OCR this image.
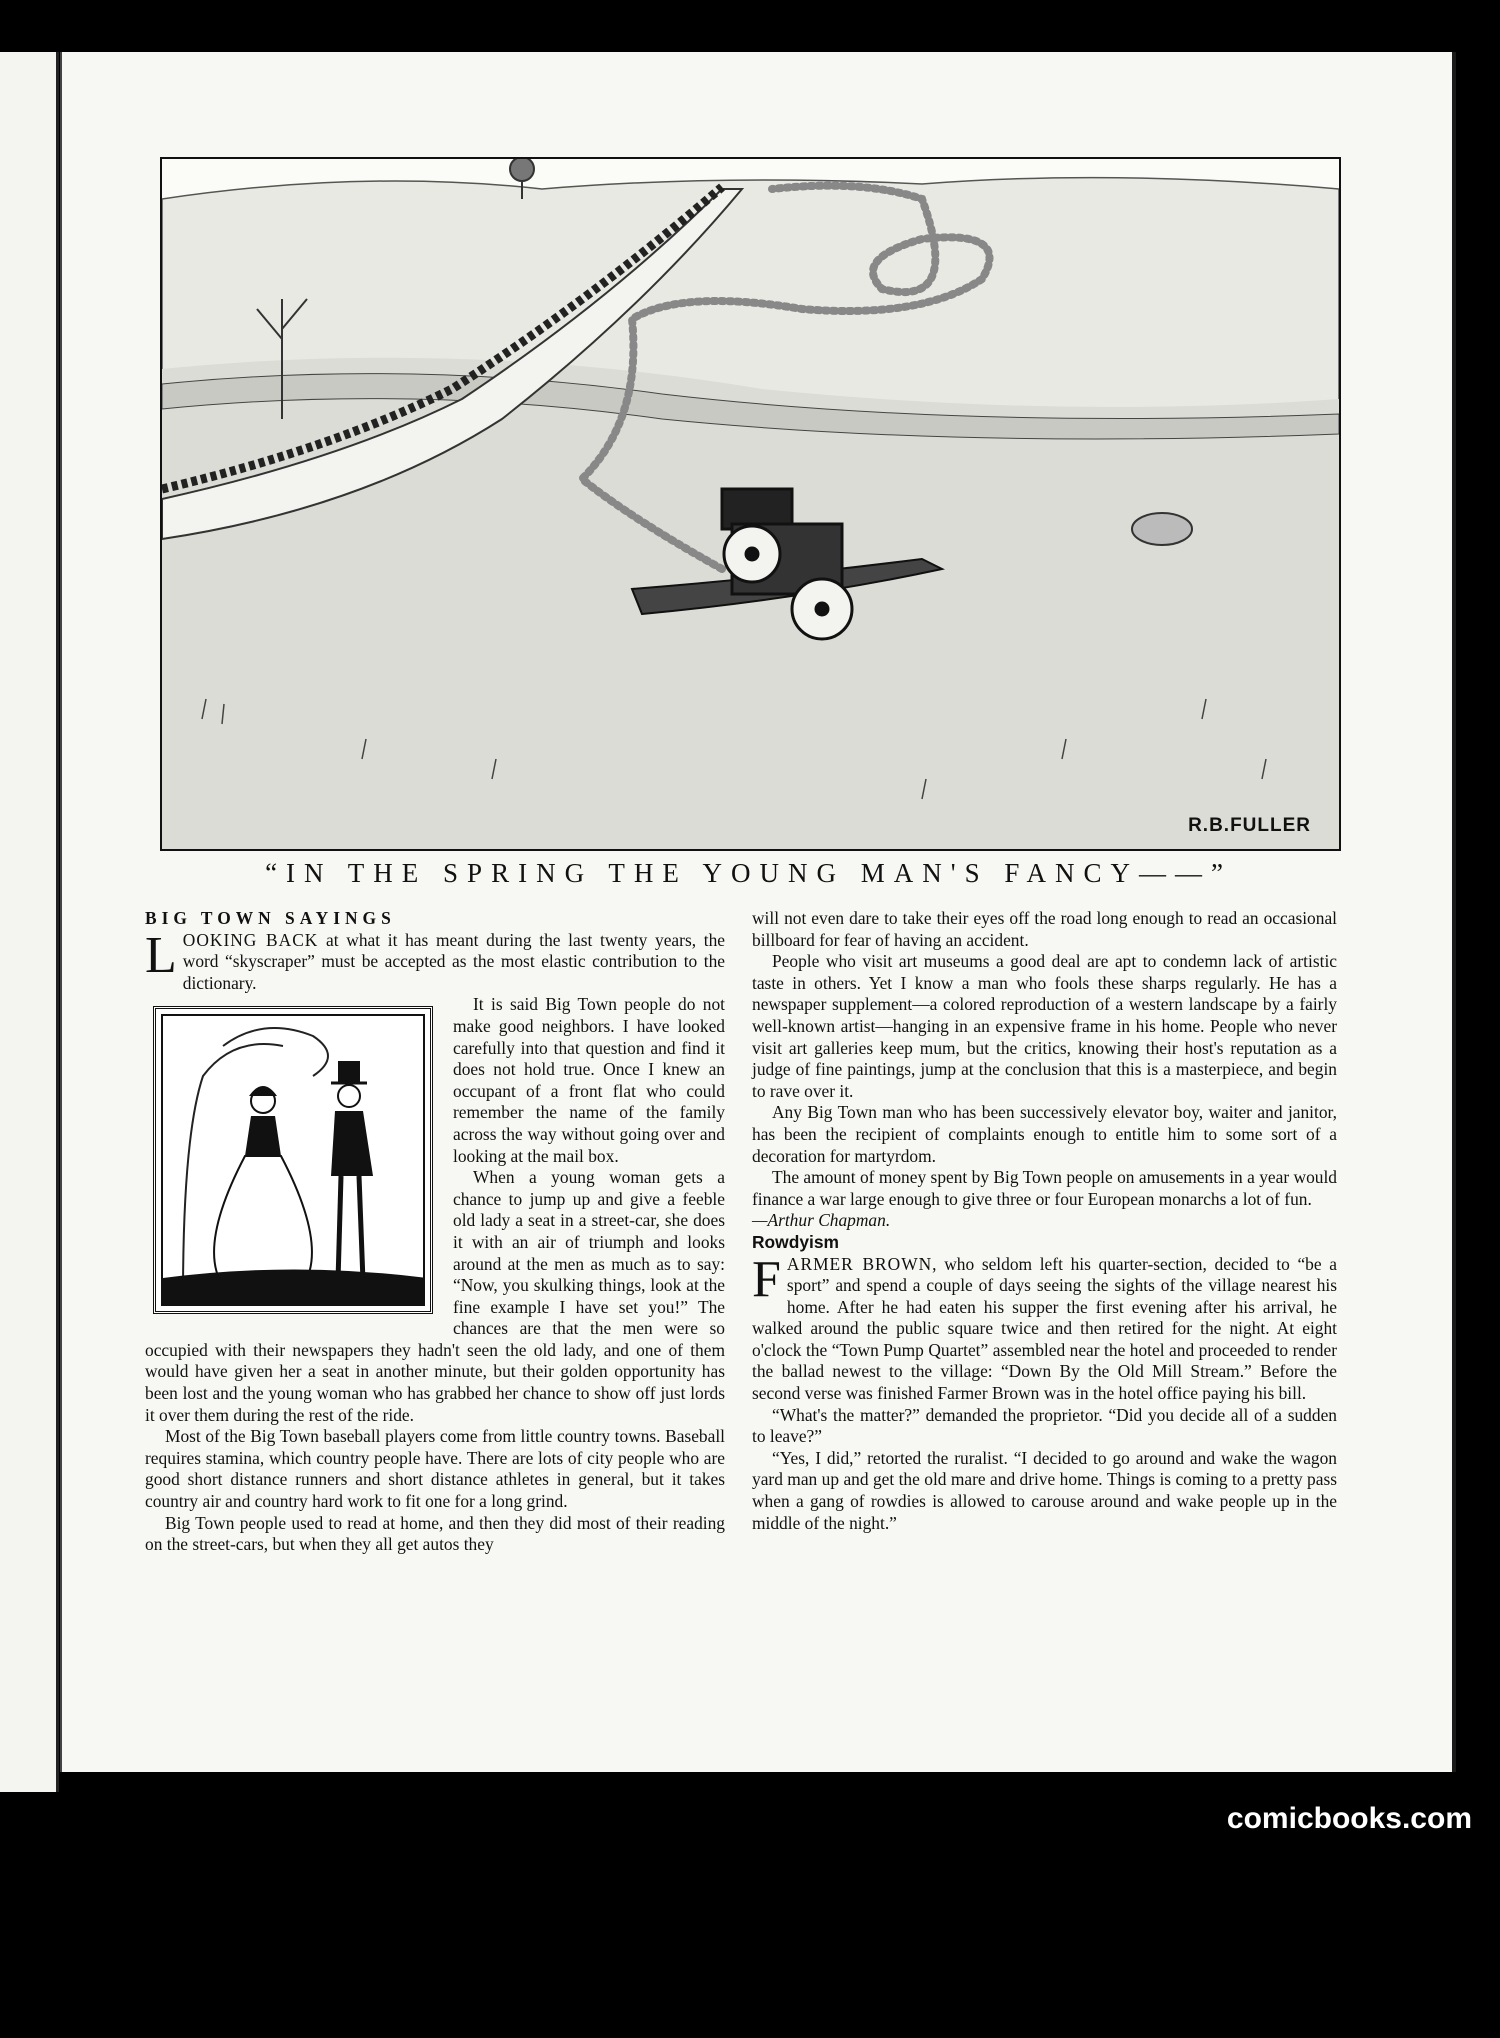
R.B.FULLER
“IN THE SPRING THE YOUNG MAN'S FANCY——”

BIG TOWN SAYINGS

LOOKING BACK at what it has meant during the last twenty years, the word “skyscraper” must be accepted as the most elastic contribution to the dictionary.

It is said Big Town people do not make good neighbors. I have looked carefully into that question and find it does not hold true. Once I knew an occupant of a front flat who could remember the name of the family across the way without going over and looking at the mail box.

When a young woman gets a chance to jump up and give a feeble old lady a seat in a street-car, she does it with an air of triumph and looks around at the men as much as to say: “Now, you skulking things, look at the fine example I have set you!” The chances are that the men were so occupied with their newspapers they hadn't seen the old lady, and one of them would have given her a seat in another minute, but their golden opportunity has been lost and the young woman who has grabbed her chance to show off just lords it over them during the rest of the ride.

Most of the Big Town baseball players come from little country towns. Baseball requires stamina, which country people have. There are lots of city people who are good short distance runners and short distance athletes in general, but it takes country air and country hard work to fit one for a long grind.

Big Town people used to read at home, and then they did most of their reading on the street-cars, but when they all get autos they

will not even dare to take their eyes off the road long enough to read an occasional billboard for fear of having an accident.

People who visit art museums a good deal are apt to condemn lack of artistic taste in others. Yet I know a man who fools these sharps regularly. He has a newspaper supplement—a colored reproduction of a western landscape by a fairly well-known artist—hanging in an expensive frame in his home. People who never visit art galleries keep mum, but the critics, knowing their host's reputation as a judge of fine paintings, jump at the conclusion that this is a masterpiece, and begin to rave over it.

Any Big Town man who has been successively elevator boy, waiter and janitor, has been the recipient of complaints enough to entitle him to some sort of a decoration for martyrdom.

The amount of money spent by Big Town people on amusements in a year would finance a war large enough to give three or four European monarchs a lot of fun.

—Arthur Chapman.

Rowdyism

FARMER BROWN, who seldom left his quarter-section, decided to “be a sport” and spend a couple of days seeing the sights of the village nearest his home. After he had eaten his supper the first evening after his arrival, he walked around the public square twice and then retired for the night. At eight o'clock the “Town Pump Quartet” assembled near the hotel and proceeded to render the ballad newest to the village: “Down By the Old Mill Stream.” Before the second verse was finished Farmer Brown was in the hotel office paying his bill.

“What's the matter?” demanded the proprietor. “Did you decide all of a sudden to leave?”

“Yes, I did,” retorted the ruralist. “I decided to go around and wake the wagon yard man up and get the old mare and drive home. Things is coming to a pretty pass when a gang of rowdies is allowed to carouse around and wake people up in the middle of the night.”

comicbooks.com
